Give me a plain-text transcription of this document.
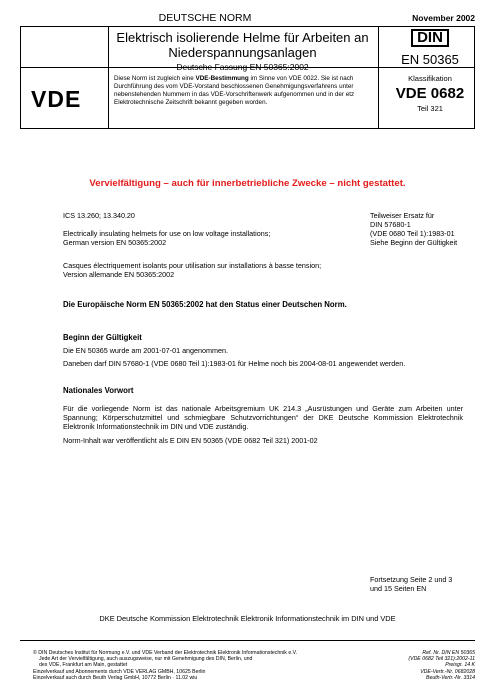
DEUTSCHE NORM	November 2002
Elektrisch isolierende Helme für Arbeiten an
Niederspannungsanlagen
Deutsche Fassung EN 50365:2002
DIN
EN 50365
VDE
Diese Norm ist zugleich eine VDE-Bestimmung im Sinne von VDE 0022. Sie ist nach Durchführung des vom VDE-Vorstand beschlossenen Genehmigungsverfahrens unter nebenstehenden Nummern in das VDE-Vorschriftenwerk aufgenommen und in der etz Elektrotechnische Zeitschrift bekannt gegeben worden.
Klassifikation
VDE 0682
Teil 321
Vervielfältigung – auch für innerbetriebliche Zwecke – nicht gestattet.
ICS 13.260; 13.340.20	Teilweiser Ersatz für
DIN 57680-1
(VDE 0680 Teil 1):1983-01
Siehe Beginn der Gültigkeit
Electrically insulating helmets for use on low voltage installations;
German version EN 50365:2002
Casques électriquement isolants pour utilisation sur installations à basse tension;
Version allemande EN 50365:2002
Die Europäische Norm EN 50365:2002 hat den Status einer Deutschen Norm.
Beginn der Gültigkeit
Die EN 50365 wurde am 2001-07-01 angenommen.
Daneben darf DIN 57680-1 (VDE 0680 Teil 1):1983-01 für Helme noch bis 2004-08-01 angewendet werden.
Nationales Vorwort
Für die vorliegende Norm ist das nationale Arbeitsgremium UK 214.3 „Ausrüstungen und Geräte zum Arbeiten unter Spannung; Körperschutzmittel und schmiegbare Schutzvorrichtungen“ der DKE Deutsche Kommission Elektrotechnik Elektronik Informationstechnik im DIN und VDE zuständig.
Norm-Inhalt war veröffentlicht als E DIN EN 50365 (VDE 0682 Teil 321) 2001-02
Fortsetzung Seite 2 und 3
und 15 Seiten EN
DKE Deutsche Kommission Elektrotechnik Elektronik Informationstechnik im DIN und VDE
© DIN Deutsches Institut für Normung e.V. und VDE Verband der Elektrotechnik Elektronik Informationstechnik e.V.
Jede Art der Vervielfältigung, auch auszugsweise, nur mit Genehmigung des DIN, Berlin, und
des VDE, Frankfurt am Main, gestattet
Einzelverkauf und Abonnements durch VDE VERLAG GMBH, 10625 Berlin
Einzelverkauf auch durch Beuth Verlag GmbH, 10772 Berlin · 11.02 wiu
Ref. Nr. DIN EN 50365
(VDE 0682 Teil 321):2002-11
Preisgr. 14 K
VDE-Vertr.-Nr. 0682028
Beuth-Vertr.-Nr. 3314
